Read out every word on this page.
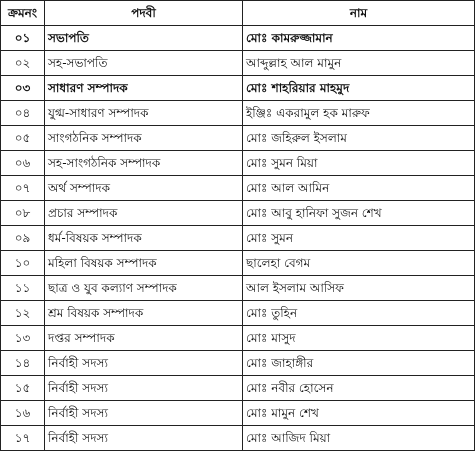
ক্রমনং	পদবী	নাম
০১	সভাপতি	মোঃ কামরুজ্জামান
০২	সহ-সভাপতি	আব্দুল্লাহ আল মামুন
০৩	সাধারণ সম্পাদক	মোঃ শাহরিয়ার মাহমুদ
০৪	যুগ্ম-সাধারণ সম্পাদক	ইঞ্জিঃ একরামুল হক মারুফ
০৫	সাংগঠনিক সম্পাদক	মোঃ জহিরুল ইসলাম
০৬	সহ-সাংগঠনিক সম্পাদক	মোঃ সুমন মিয়া
০৭	অর্থ সম্পাদক	মোঃ আল আমিন
০৮	প্রচার সম্পাদক	মোঃ আবু হানিফা সুজন শেখ
০৯	ধর্ম-বিষয়ক সম্পাদক	মোঃ সুমন
১০	মহিলা বিষয়ক সম্পাদক	ছালেহা বেগম
১১	ছাত্র ও যুব কল্যাণ সম্পাদক	আল ইসলাম আসিফ
১২	শ্রম বিষয়ক সম্পাদক	মোঃ তুহিন
১৩	দপ্তর সম্পাদক	মোঃ মাসুদ
১৪	নির্বাহী সদস্য	মোঃ জাহাঙ্গীর
১৫	নির্বাহী সদস্য	মোঃ নবীর হোসেন
১৬	নির্বাহী সদস্য	মোঃ মামুন শেখ
১৭	নির্বাহী সদস্য	মোঃ আজিদ মিয়া
